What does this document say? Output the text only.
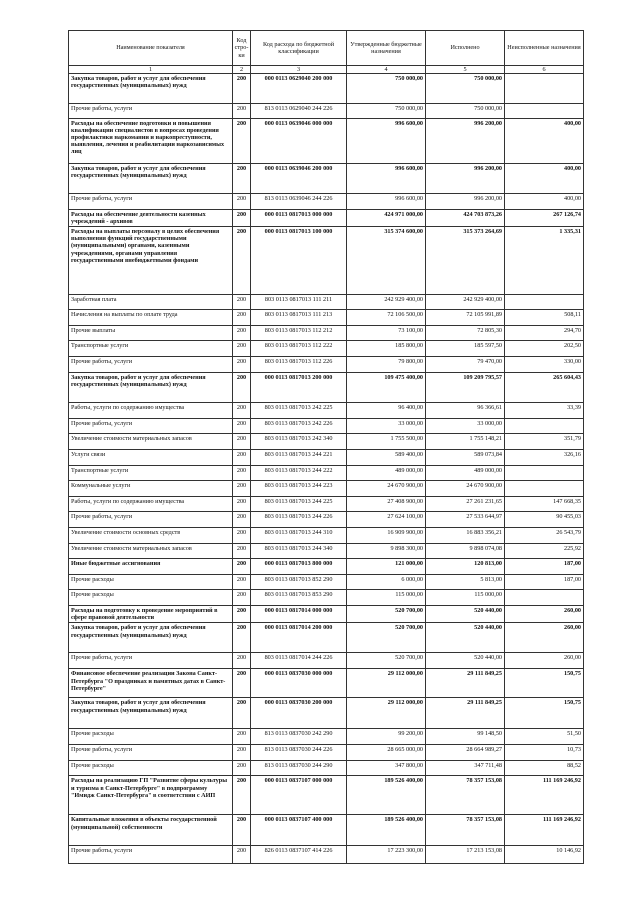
Наименование показателя	Код стро-ки	Код расхода по бюджетной классификации	Утвержденные бюджетные назначения	Исполнено	Неисполненные назначения
1	2	3	4	5	6
Закупка товаров, работ и услуг для обеспечения государственных (муниципальных) нужд	200	000 0113 0629040 200 000	750 000,00	750 000,00	
Прочие работы, услуги	200	813 0113 0629040 244 226	750 000,00	750 000,00	
Расходы на обеспечение подготовки и повышения квалификации специалистов в вопросах проведения профилактики наркомании и наркопреступности, выявления, лечения и реабилитации наркозависимых лиц	200	000 0113 0639046 000 000	996 600,00	996 200,00	400,00
Закупка товаров, работ и услуг для обеспечения государственных (муниципальных) нужд	200	000 0113 0639046 200 000	996 600,00	996 200,00	400,00
Прочие работы, услуги	200	813 0113 0639046 244 226	996 600,00	996 200,00	400,00
Расходы на обеспечение деятельности казенных учреждений - архивов	200	000 0113 0817013 000 000	424 971 000,00	424 703 873,26	267 126,74
Расходы на выплаты персоналу в целях обеспечения выполнения функций государственными (муниципальными) органами, казенными учреждениями, органами управления государственными внебюджетными фондами	200	000 0113 0817013 100 000	315 374 600,00	315 373 264,69	1 335,31
Заработная плата	200	803 0113 0817013 111 211	242 929 400,00	242 929 400,00	
Начисления на выплаты по оплате труда	200	803 0113 0817013 111 213	72 106 500,00	72 105 991,89	508,11
Прочие выплаты	200	803 0113 0817013 112 212	73 100,00	72 805,30	294,70
Транспортные услуги	200	803 0113 0817013 112 222	185 800,00	185 597,50	202,50
Прочие работы, услуги	200	803 0113 0817013 112 226	79 800,00	79 470,00	330,00
Закупка товаров, работ и услуг для обеспечения государственных (муниципальных) нужд	200	000 0113 0817013 200 000	109 475 400,00	109 209 795,57	265 604,43
Работы, услуги по содержанию имущества	200	803 0113 0817013 242 225	96 400,00	96 366,61	33,39
Прочие работы, услуги	200	803 0113 0817013 242 226	33 000,00	33 000,00	
Увеличение стоимости материальных запасов	200	803 0113 0817013 242 340	1 755 500,00	1 755 148,21	351,79
Услуги связи	200	803 0113 0817013 244 221	589 400,00	589 073,84	326,16
Транспортные услуги	200	803 0113 0817013 244 222	489 000,00	489 000,00	
Коммунальные услуги	200	803 0113 0817013 244 223	24 670 900,00	24 670 900,00	
Работы, услуги по содержанию имущества	200	803 0113 0817013 244 225	27 408 900,00	27 261 231,65	147 668,35
Прочие работы, услуги	200	803 0113 0817013 244 226	27 624 100,00	27 533 644,97	90 455,03
Увеличение стоимости основных средств	200	803 0113 0817013 244 310	16 909 900,00	16 883 356,21	26 543,79
Увеличение стоимости материальных запасов	200	803 0113 0817013 244 340	9 898 300,00	9 898 074,08	225,92
Иные бюджетные ассигнования	200	000 0113 0817013 800 000	121 000,00	120 813,00	187,00
Прочие расходы	200	803 0113 0817013 852 290	6 000,00	5 813,00	187,00
Прочие расходы	200	803 0113 0817013 853 290	115 000,00	115 000,00	
Расходы на подготовку к проведение мероприятий в сфере правовой деятельности	200	000 0113 0817014 000 000	520 700,00	520 440,00	260,00
Закупка товаров, работ и услуг для обеспечения государственных (муниципальных) нужд	200	000 0113 0817014 200 000	520 700,00	520 440,00	260,00
Прочие работы, услуги	200	803 0113 0817014 244 226	520 700,00	520 440,00	260,00
Финансовое обеспечение реализации Закона Санкт-Петербурга "О праздниках и памятных датах в Санкт-Петербурге"	200	000 0113 0837030 000 000	29 112 000,00	29 111 849,25	150,75
Закупка товаров, работ и услуг для обеспечения государственных (муниципальных) нужд	200	000 0113 0837030 200 000	29 112 000,00	29 111 849,25	150,75
Прочие расходы	200	813 0113 0837030 242 290	99 200,00	99 148,50	51,50
Прочие работы, услуги	200	813 0113 0837030 244 226	28 665 000,00	28 664 989,27	10,73
Прочие расходы	200	813 0113 0837030 244 290	347 800,00	347 711,48	88,52
Расходы на реализацию ГП "Развитие сферы культуры и туризма в Санкт-Петербурге" в подпрограмму "Имидж Санкт-Петербурга" в соответствии с АИП	200	000 0113 0837107 000 000	189 526 400,00	78 357 153,08	111 169 246,92
Капитальные вложения в объекты государственной (муниципальной) собственности	200	000 0113 0837107 400 000	189 526 400,00	78 357 153,08	111 169 246,92
Прочие работы, услуги	200	826 0113 0837107 414 226	17 223 300,00	17 213 153,08	10 146,92
